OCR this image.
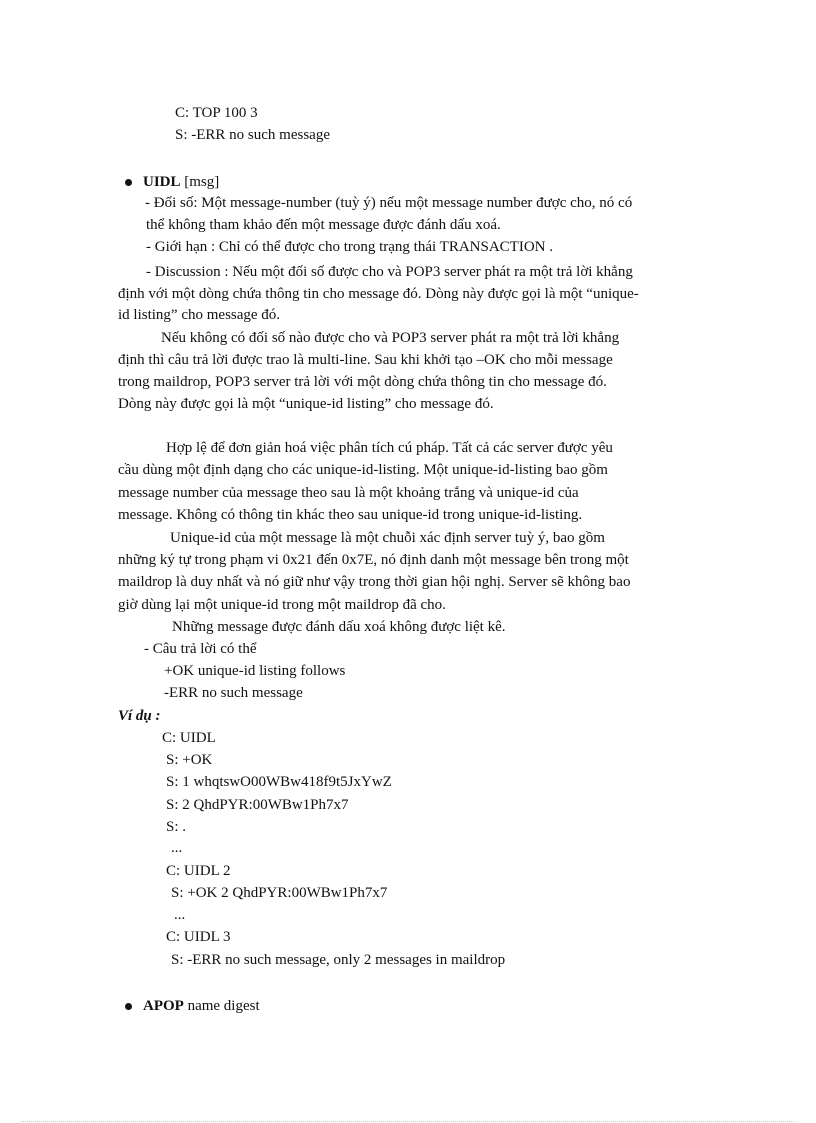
C: TOP 100 3
S: -ERR no such message
UIDL [msg]
- Đối số: Một message-number (tuỳ ý) nếu một message number được cho, nó có
thể không tham khảo đến một message được đánh dấu xoá.
- Giới hạn : Chỉ có thể được cho trong trạng thái TRANSACTION .
- Discussion : Nếu một đối số được cho và POP3 server phát ra một trả lời khẳng
định với một dòng chứa thông tin cho message đó. Dòng này được gọi là một “unique-
id listing” cho message đó.
Nếu không có đối số nào được cho và POP3 server phát ra một trả lời khẳng
định thì câu trả lời được trao là multi-line. Sau khi khởi tạo –OK cho mỗi message
trong maildrop, POP3 server trả lời với một dòng chứa thông tin cho message đó.
Dòng này được gọi là một “unique-id listing” cho message đó.
Hợp lệ để đơn giản hoá việc phân tích cú pháp. Tất cả các server được yêu
cầu dùng một định dạng cho các unique-id-listing. Một unique-id-listing bao gồm
message number của message theo sau là một khoảng trắng và unique-id của
message. Không có thông tin khác theo sau unique-id trong unique-id-listing.
Unique-id của một message là một chuỗi xác định server tuỳ ý, bao gồm
những ký tự trong phạm vi 0x21 đến 0x7E, nó định danh một message bên trong một
maildrop là duy nhất và nó giữ như vậy trong thời gian hội nghị. Server sẽ không bao
giờ dùng lại một unique-id trong một maildrop đã cho.
Những message được đánh dấu xoá không được liệt kê.
- Câu trả lời có thể
+OK unique-id listing follows
-ERR no such message
Ví dụ :
C: UIDL
S: +OK
S: 1 whqtswO00WBw418f9t5JxYwZ
S: 2 QhdPYR:00WBw1Ph7x7
S: .
...
C: UIDL 2
S: +OK 2 QhdPYR:00WBw1Ph7x7
...
C: UIDL 3
S: -ERR no such message, only 2 messages in maildrop
APOP name digest
